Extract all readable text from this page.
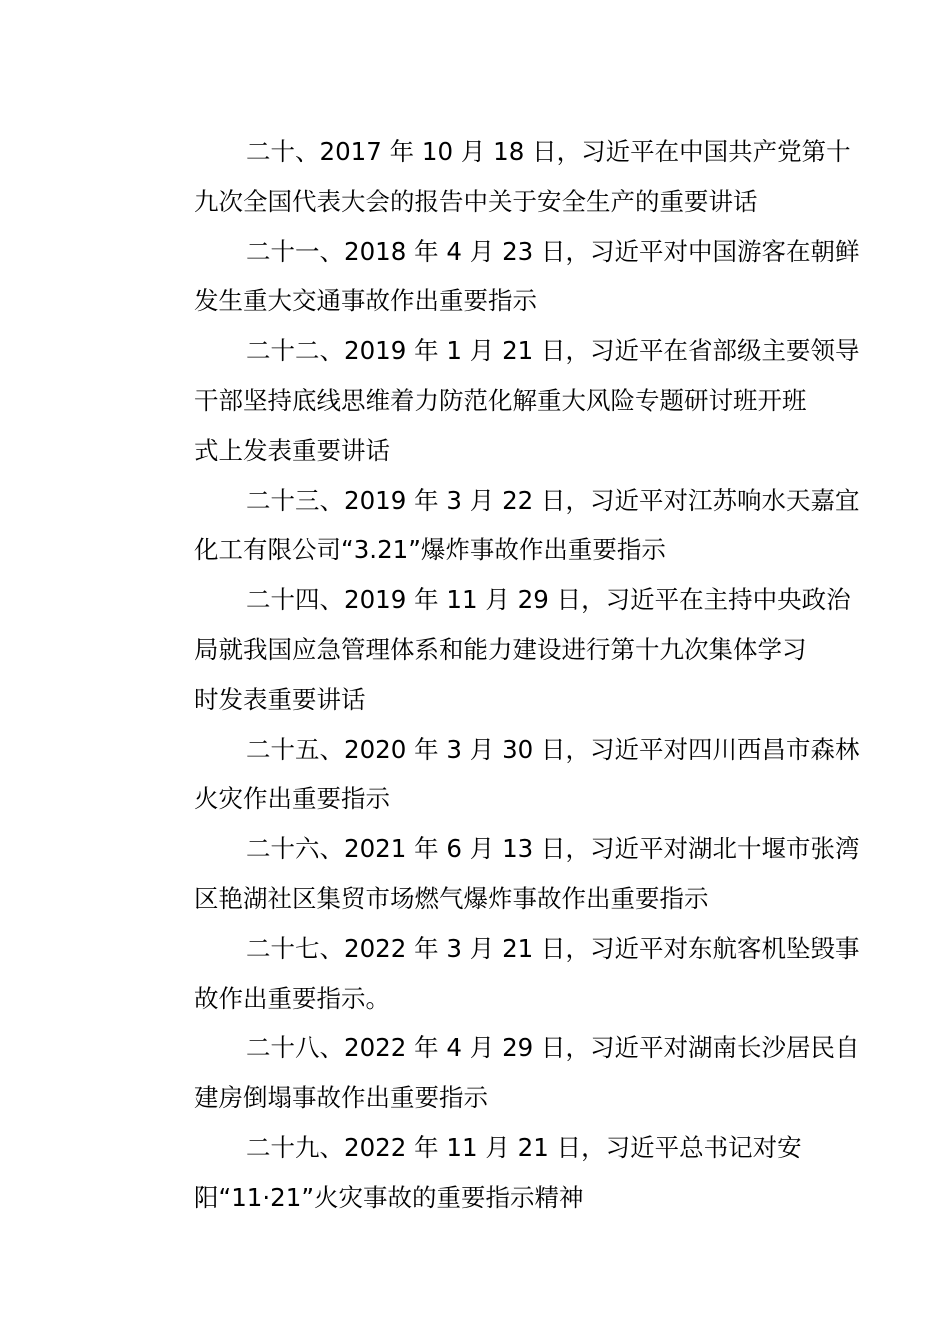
二十、2017 年 10 月 18 日，习近平在中国共产党第十
九次全国代表大会的报告中关于安全生产的重要讲话

二十一、2018 年 4 月 23 日，习近平对中国游客在朝鲜
发生重大交通事故作出重要指示

二十二、2019 年 1 月 21 日，习近平在省部级主要领导
干部坚持底线思维着力防范化解重大风险专题研讨班开班
式上发表重要讲话

二十三、2019 年 3 月 22 日，习近平对江苏响水天嘉宜
化工有限公司“3.21”爆炸事故作出重要指示

二十四、2019 年 11 月 29 日，习近平在主持中央政治
局就我国应急管理体系和能力建设进行第十九次集体学习
时发表重要讲话

二十五、2020 年 3 月 30 日，习近平对四川西昌市森林
火灾作出重要指示

二十六、2021 年 6 月 13 日，习近平对湖北十堰市张湾
区艳湖社区集贸市场燃气爆炸事故作出重要指示

二十七、2022 年 3 月 21 日，习近平对东航客机坠毁事
故作出重要指示。

二十八、2022 年 4 月 29 日，习近平对湖南长沙居民自
建房倒塌事故作出重要指示

二十九、2022 年 11 月 21 日，习近平总书记对安
阳“11·21”火灾事故的重要指示精神
